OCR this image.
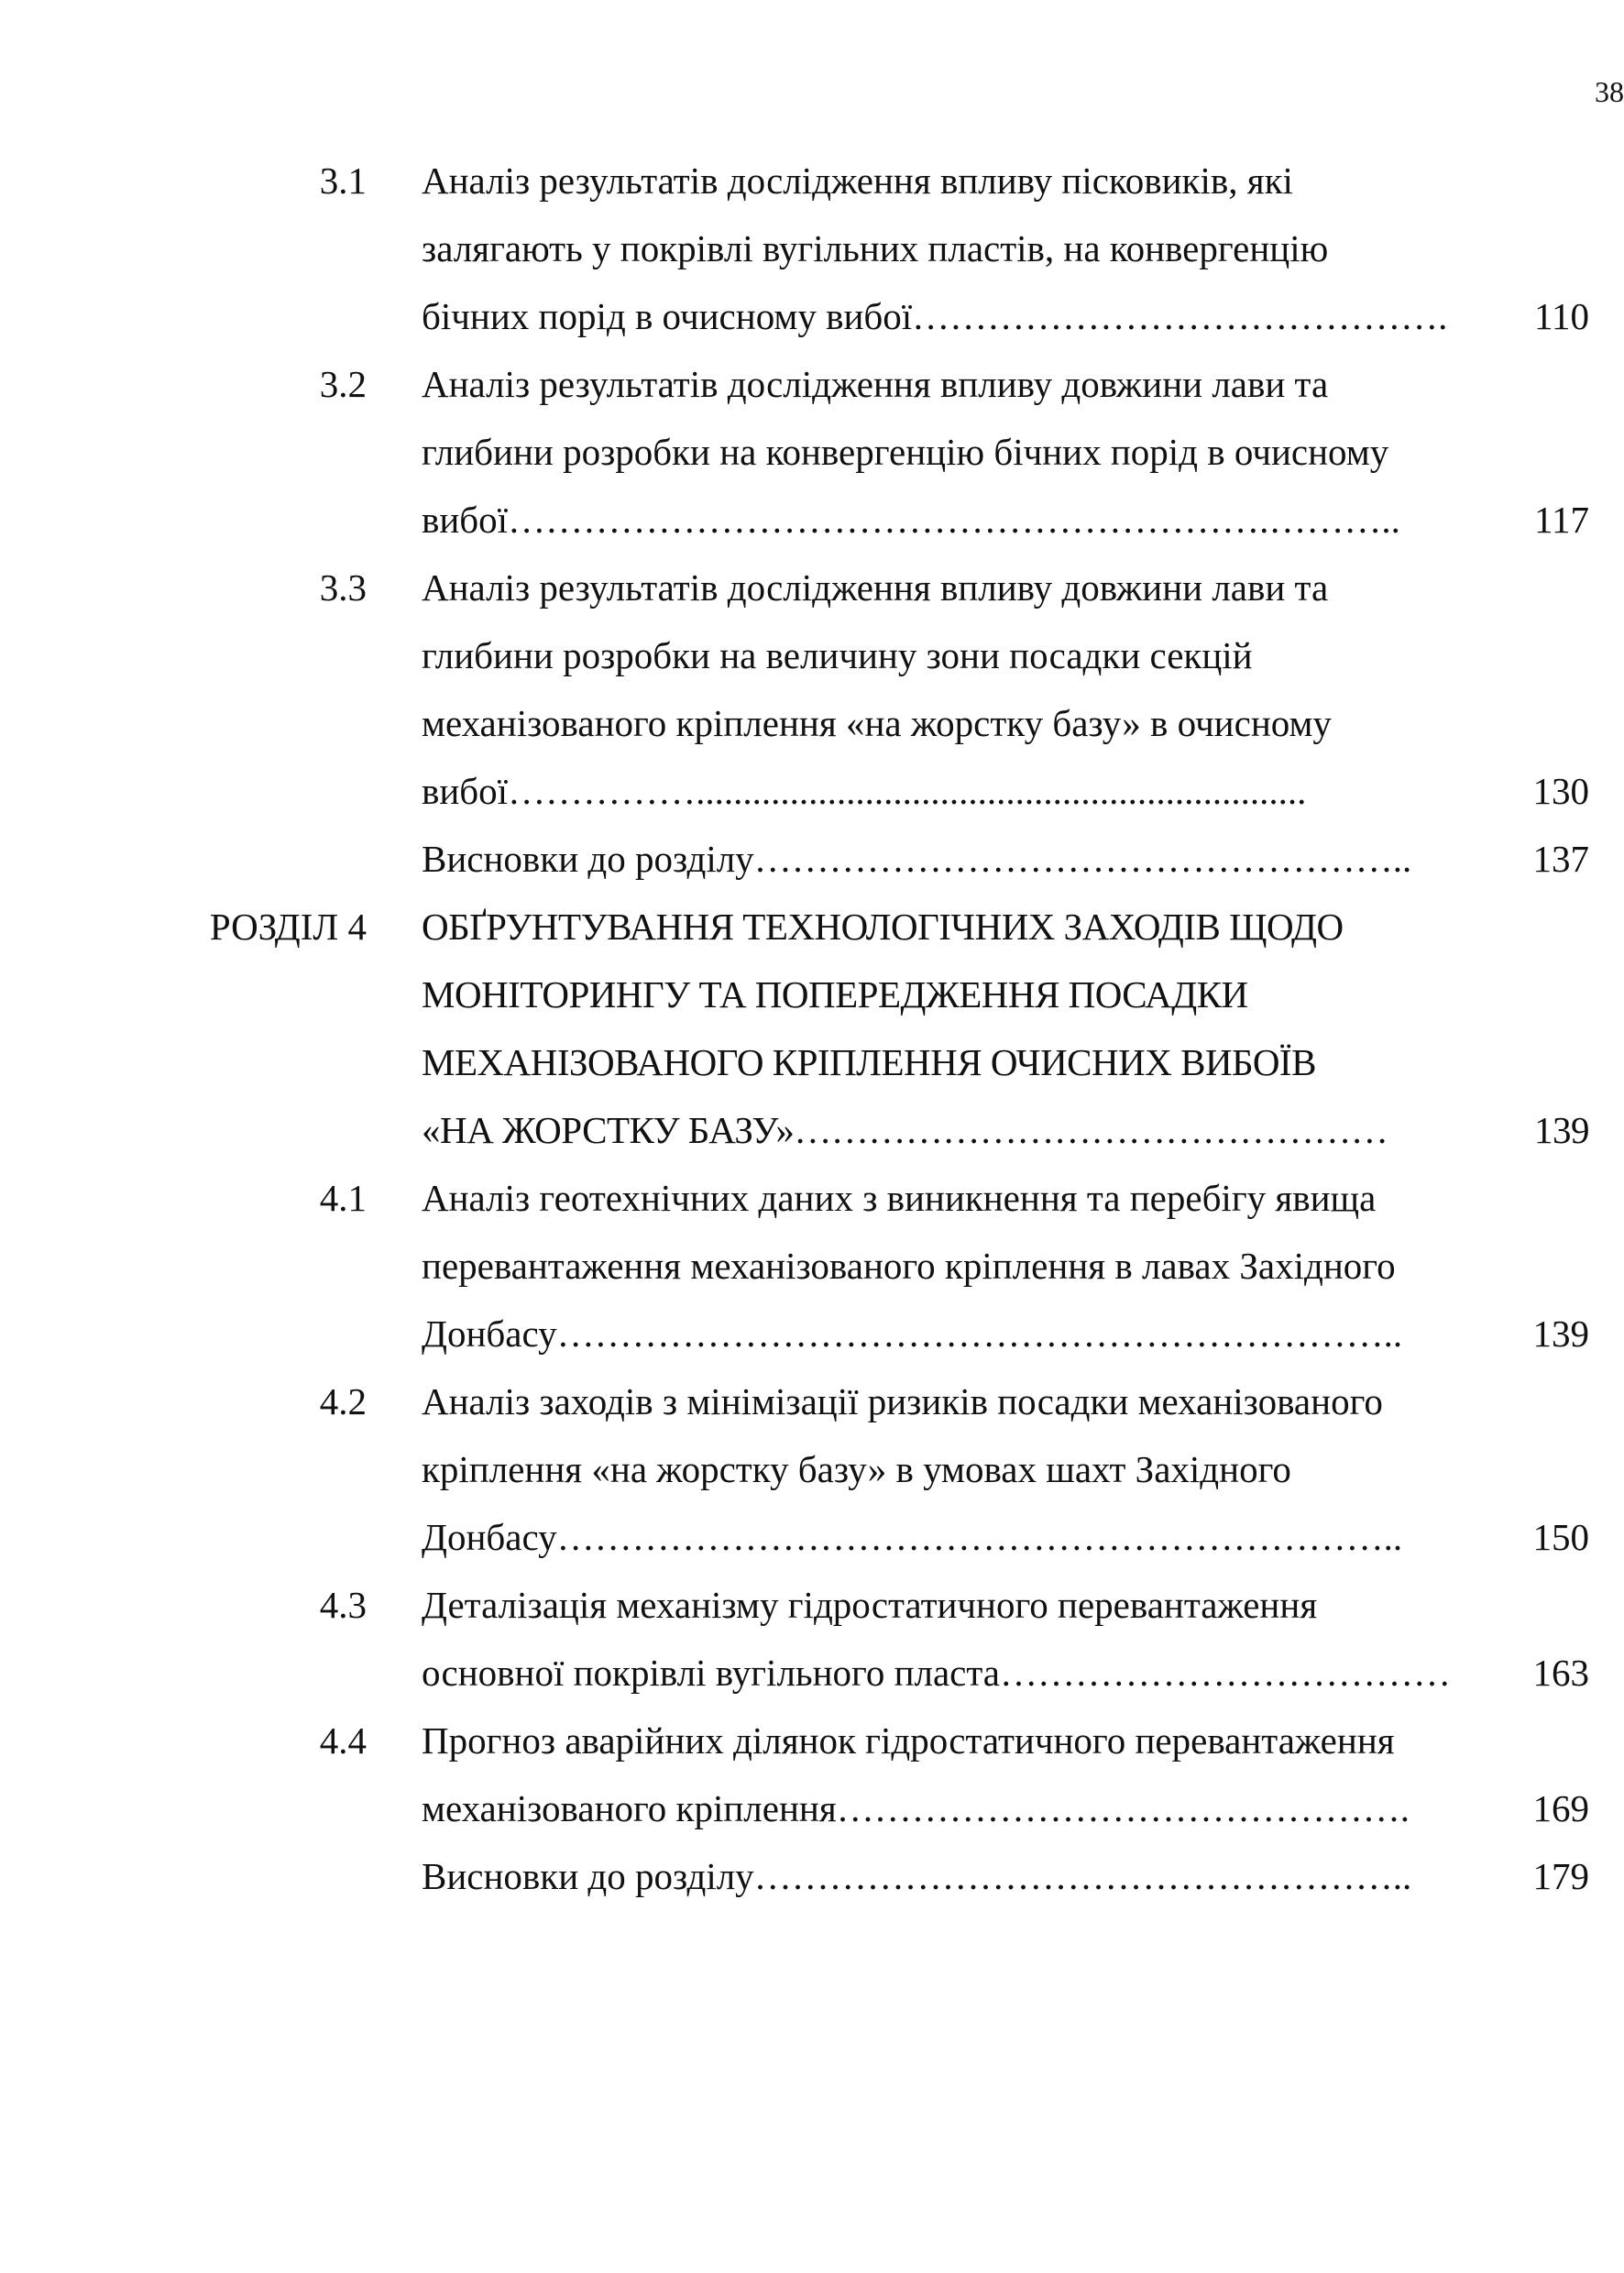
38
3.1 Аналіз результатів дослідження впливу пісковиків, які
залягають у покрівлі вугільних пластів, на конвергенцію
бічних порід в очисному вибої …………………………………….	110
3.2 Аналіз результатів дослідження впливу довжини лави та
глибини розробки на конвергенцію бічних порід в очисному
вибої …………………………………………………….………..	117
3.3 Аналіз результатів дослідження впливу довжини лави та
глибини розробки на величину зони посадки секцій
механізованого кріплення «на жорстку базу» в очисному
вибої …………….................................................................	130
Висновки до розділу ……………………………………………..	137
РОЗДІЛ 4 ОБҐРУНТУВАННЯ ТЕХНОЛОГІЧНИХ ЗАХОДІВ ЩОДО
МОНІТОРИНГУ ТА ПОПЕРЕДЖЕННЯ ПОСАДКИ
МЕХАНІЗОВАНОГО КРІПЛЕННЯ ОЧИСНИХ ВИБОЇВ
«НА ЖОРСТКУ БАЗУ» …………………………………………	139
4.1 Аналіз геотехнічних даних з виникнення та перебігу явища
перевантаження механізованого кріплення в лавах Західного
Донбасу …………………………………………………………..	139
4.2 Аналіз заходів з мінімізації ризиків посадки механізованого
кріплення «на жорстку базу» в умовах шахт Західного
Донбасу …………………………………………………………..	150
4.3 Деталізація механізму гідростатичного перевантаження
основної покрівлі вугільного пласта ………………………………	163
4.4 Прогноз аварійних ділянок гідростатичного перевантаження
механізованого кріплення ……………………………………….	169
Висновки до розділу ……………………………………………..	179
